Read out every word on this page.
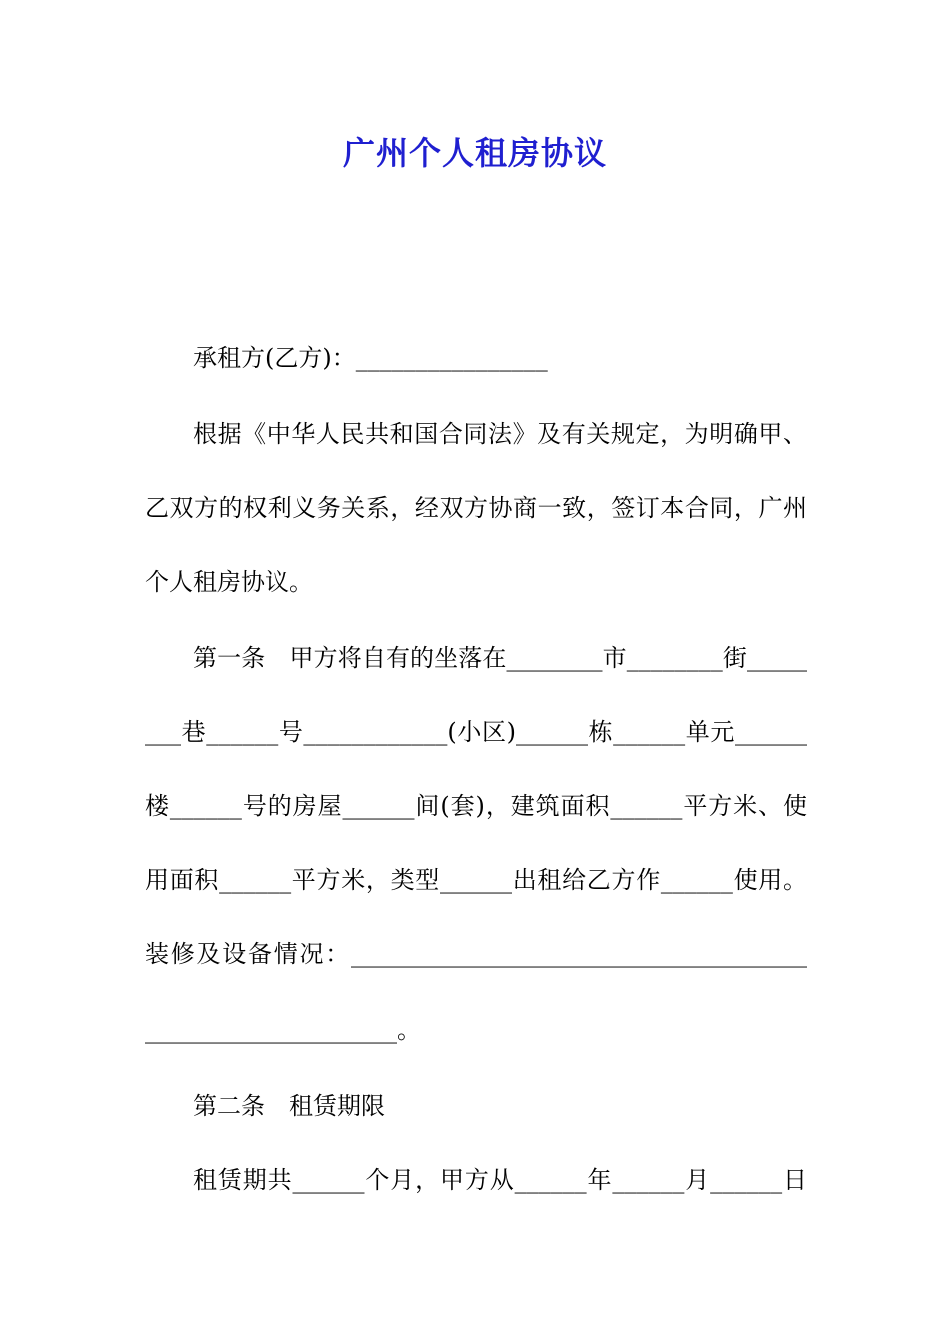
广州个人租房协议
承租方(乙方)：________________
根据《中华人民共和国合同法》及有关规定，为明确甲、
乙双方的权利义务关系，经双方协商一致，签订本合同，广州
个人租房协议。
第一条　甲方将自有的坐落在________市________街_____
___巷______号____________(小区)______栋______单元______
楼______号的房屋______间(套)，建筑面积______平方米、使
用面积______平方米，类型______出租给乙方作______使用。
装修及设备情况：______________________________________
_____________________。
第二条　租赁期限
租赁期共______个月，甲方从______年______月______日
